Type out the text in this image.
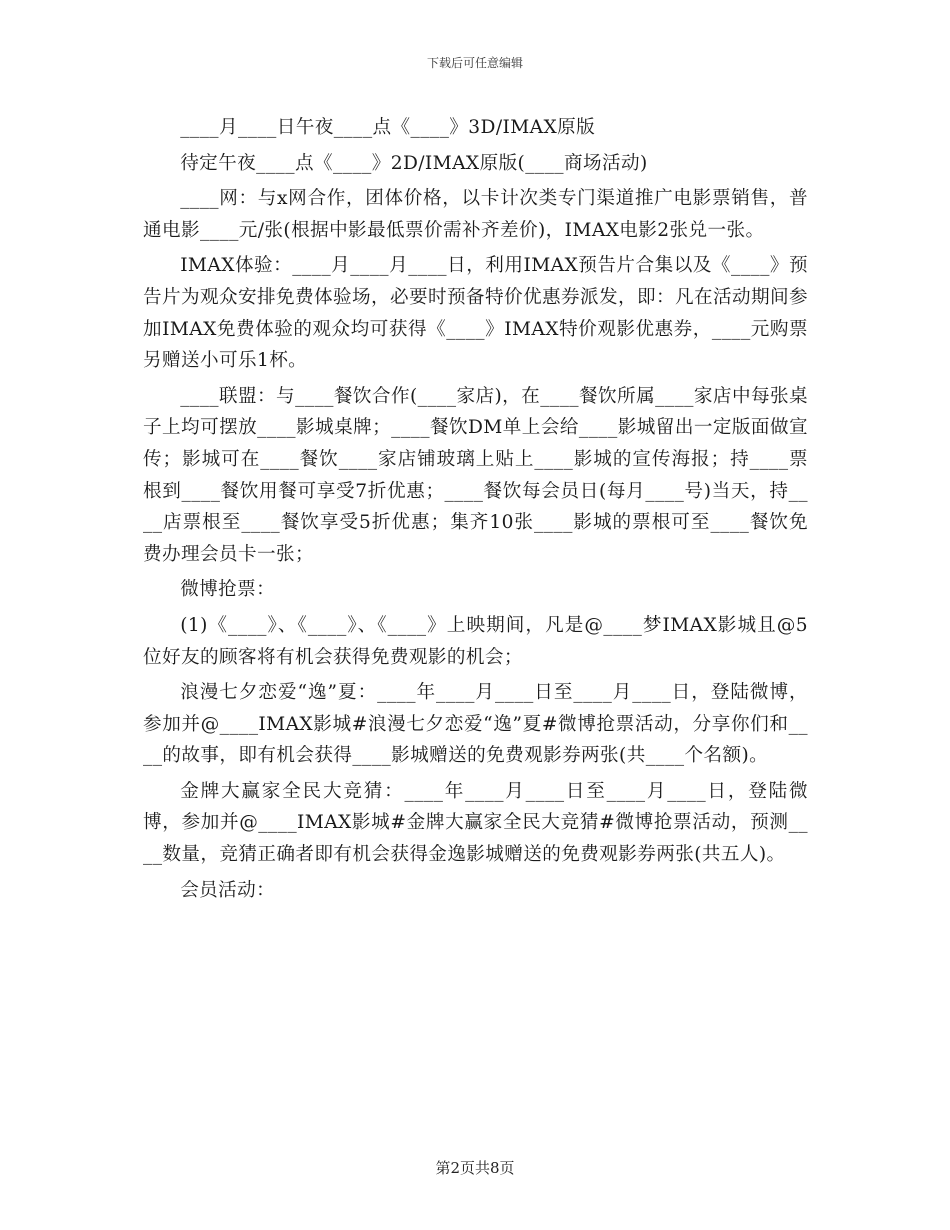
下载后可任意编辑

____月____日午夜____点《____》3D/IMAX原版

待定午夜____点《____》2D/IMAX原版(____商场活动)

____网：与x网合作，团体价格，以卡计次类专门渠道推广电影票销售，普通电影____元/张(根据中影最低票价需补齐差价)，IMAX电影2张兑一张。

IMAX体验：____月____月____日，利用IMAX预告片合集以及《____》预告片为观众安排免费体验场，必要时预备特价优惠券派发，即：凡在活动期间参加IMAX免费体验的观众均可获得《____》IMAX特价观影优惠券，____元购票另赠送小可乐1杯。

____联盟：与____餐饮合作(____家店)，在____餐饮所属____家店中每张桌子上均可摆放____影城桌牌；____餐饮DM单上会给____影城留出一定版面做宣传；影城可在____餐饮____家店铺玻璃上贴上____影城的宣传海报；持____票根到____餐饮用餐可享受7折优惠；____餐饮每会员日(每月____号)当天，持____店票根至____餐饮享受5折优惠；集齐10张____影城的票根可至____餐饮免费办理会员卡一张；

微博抢票：

(1)《____》、《____》、《____》上映期间，凡是@____梦IMAX影城且@5位好友的顾客将有机会获得免费观影的机会；

浪漫七夕恋爱“逸”夏：____年____月____日至____月____日，登陆微博，参加并@____IMAX影城#浪漫七夕恋爱“逸”夏#微博抢票活动，分享你们和____的故事，即有机会获得____影城赠送的免费观影券两张(共____个名额)。

金牌大赢家全民大竞猜：____年____月____日至____月____日，登陆微博，参加并@____IMAX影城#金牌大赢家全民大竞猜#微博抢票活动，预测____数量，竞猜正确者即有机会获得金逸影城赠送的免费观影券两张(共五人)。

会员活动：

第2页共8页
